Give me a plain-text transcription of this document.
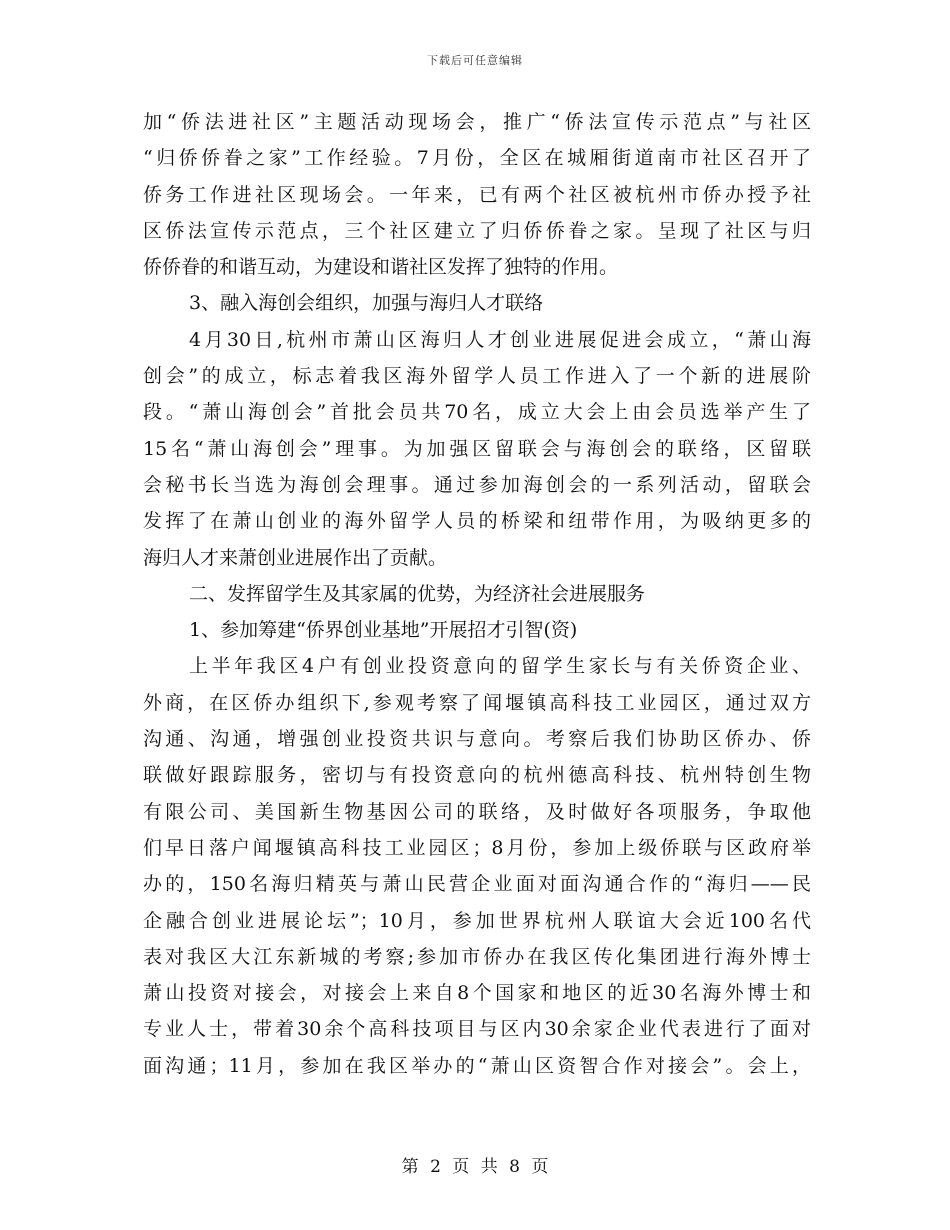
下载后可任意编辑
加“侨法进社区”主题活动现场会，推广“侨法宣传示范点”与社区
“归侨侨眷之家”工作经验。7月份，全区在城厢街道南市社区召开了
侨务工作进社区现场会。一年来，已有两个社区被杭州市侨办授予社
区侨法宣传示范点，三个社区建立了归侨侨眷之家。呈现了社区与归
侨侨眷的和谐互动，为建设和谐社区发挥了独特的作用。
3、融入海创会组织，加强与海归人才联络
4月30日,杭州市萧山区海归人才创业进展促进会成立，“萧山海
创会”的成立，标志着我区海外留学人员工作进入了一个新的进展阶
段。“萧山海创会”首批会员共70名，成立大会上由会员选举产生了
15名“萧山海创会”理事。为加强区留联会与海创会的联络，区留联
会秘书长当选为海创会理事。通过参加海创会的一系列活动，留联会
发挥了在萧山创业的海外留学人员的桥梁和纽带作用，为吸纳更多的
海归人才来萧创业进展作出了贡献。
二、发挥留学生及其家属的优势，为经济社会进展服务
1、参加筹建“侨界创业基地”开展招才引智(资)
上半年我区4户有创业投资意向的留学生家长与有关侨资企业、
外商，在区侨办组织下,参观考察了闻堰镇高科技工业园区，通过双方
沟通、沟通，增强创业投资共识与意向。考察后我们协助区侨办、侨
联做好跟踪服务，密切与有投资意向的杭州德高科技、杭州特创生物
有限公司、美国新生物基因公司的联络，及时做好各项服务，争取他
们早日落户闻堰镇高科技工业园区；8月份，参加上级侨联与区政府举
办的，150名海归精英与萧山民营企业面对面沟通合作的“海归——民
企融合创业进展论坛”；10月，参加世界杭州人联谊大会近100名代
表对我区大江东新城的考察;参加市侨办在我区传化集团进行海外博士
萧山投资对接会，对接会上来自8个国家和地区的近30名海外博士和
专业人士，带着30余个高科技项目与区内30余家企业代表进行了面对
面沟通；11月，参加在我区举办的“萧山区资智合作对接会”。会上，
第 2 页 共 8 页
